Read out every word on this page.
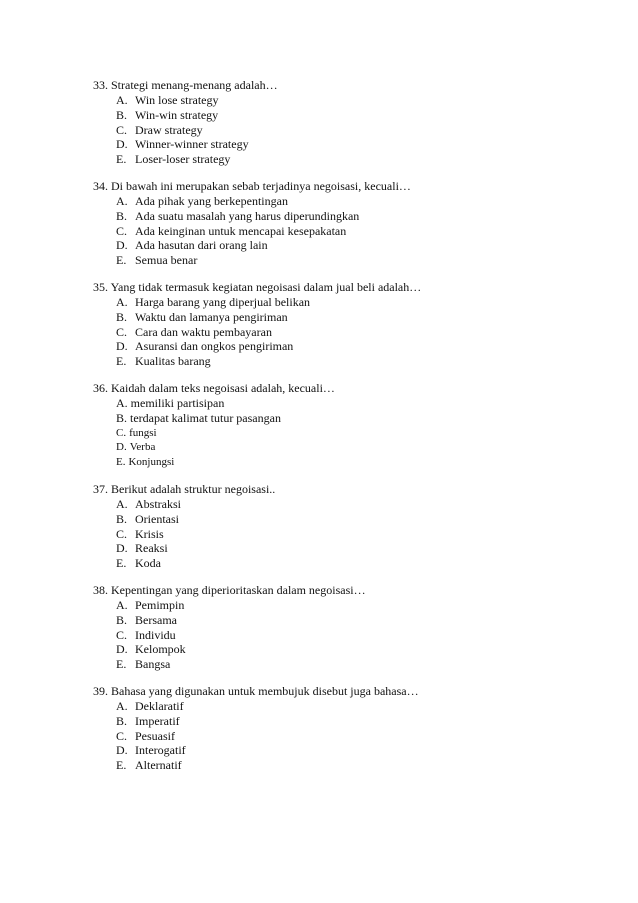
33. Strategi menang-menang adalah…
A. Win lose strategy
B. Win-win strategy
C. Draw strategy
D. Winner-winner strategy
E. Loser-loser strategy
34. Di bawah ini merupakan sebab terjadinya negoisasi, kecuali…
A. Ada pihak yang berkepentingan
B. Ada suatu masalah yang harus diperundingkan
C. Ada keinginan untuk mencapai kesepakatan
D. Ada hasutan dari orang lain
E. Semua benar
35. Yang tidak termasuk kegiatan negoisasi dalam jual beli adalah…
A. Harga barang yang diperjual belikan
B. Waktu dan lamanya pengiriman
C. Cara dan waktu pembayaran
D. Asuransi dan ongkos pengiriman
E. Kualitas barang
36. Kaidah dalam teks negoisasi adalah, kecuali…
A. memiliki partisipan
B. terdapat kalimat tutur pasangan
C. fungsi
D. Verba
E. Konjungsi
37. Berikut adalah struktur negoisasi..
A. Abstraksi
B. Orientasi
C. Krisis
D. Reaksi
E. Koda
38. Kepentingan yang diperioritaskan dalam negoisasi…
A. Pemimpin
B. Bersama
C. Individu
D. Kelompok
E. Bangsa
39. Bahasa yang digunakan untuk membujuk disebut juga bahasa…
A. Deklaratif
B. Imperatif
C. Pesuasif
D. Interogatif
E. Alternatif
